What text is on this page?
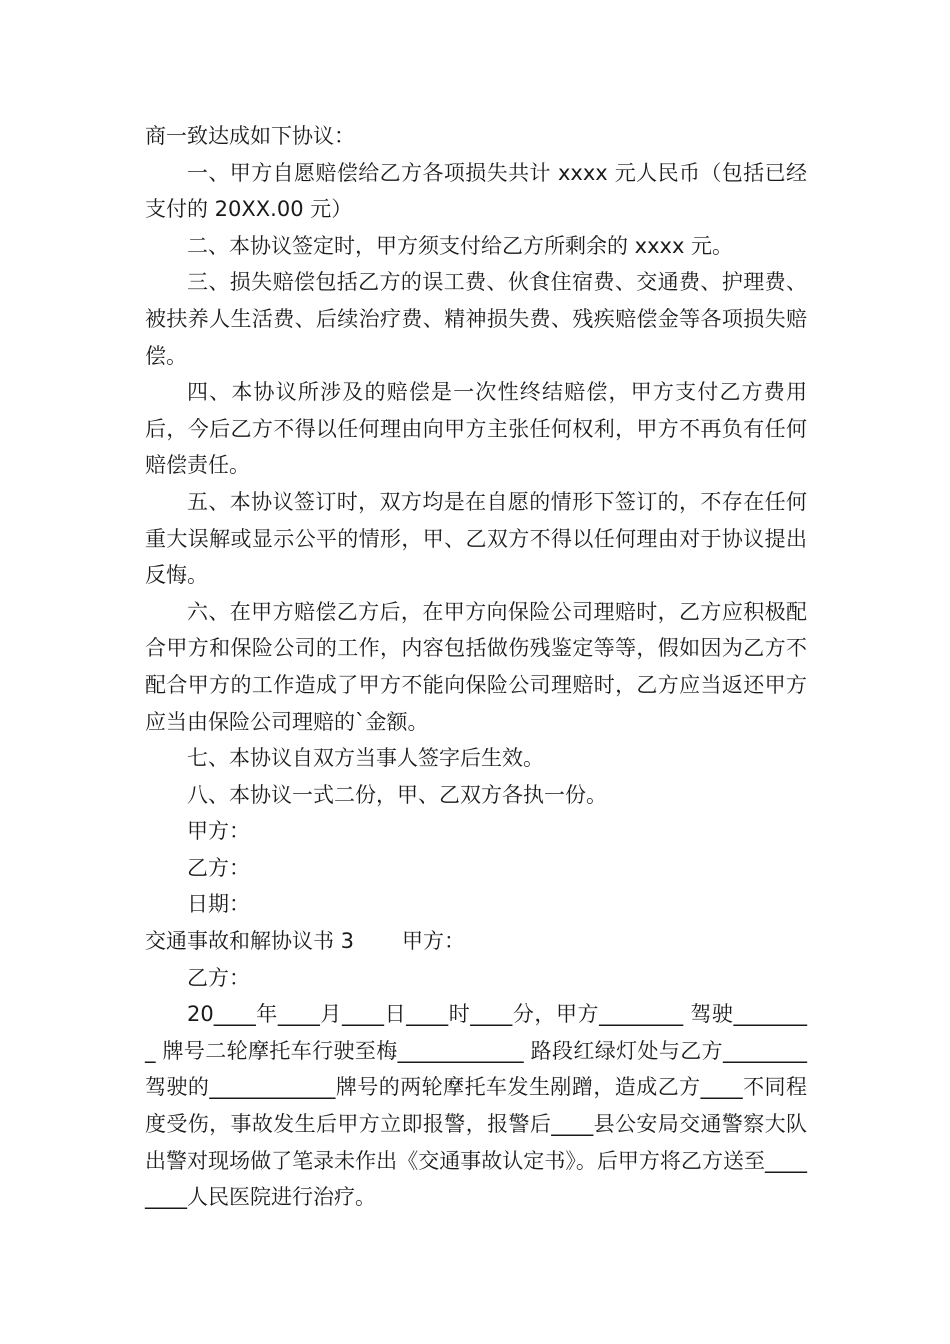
商一致达成如下协议：

一、甲方自愿赔偿给乙方各项损失共计 xxxx 元人民币（包括已经支付的 20XX.00 元）

二、本协议签定时，甲方须支付给乙方所剩余的 xxxx 元。

三、损失赔偿包括乙方的误工费、伙食住宿费、交通费、护理费、被扶养人生活费、后续治疗费、精神损失费、残疾赔偿金等各项损失赔偿。

四、本协议所涉及的赔偿是一次性终结赔偿，甲方支付乙方费用后，今后乙方不得以任何理由向甲方主张任何权利，甲方不再负有任何赔偿责任。

五、本协议签订时，双方均是在自愿的情形下签订的，不存在任何重大误解或显示公平的情形，甲、乙双方不得以任何理由对于协议提出反悔。

六、在甲方赔偿乙方后，在甲方向保险公司理赔时，乙方应积极配合甲方和保险公司的工作，内容包括做伤残鉴定等等，假如因为乙方不配合甲方的工作造成了甲方不能向保险公司理赔时，乙方应当返还甲方应当由保险公司理赔的`金额。

七、本协议自双方当事人签字后生效。

八、本协议一式二份，甲、乙双方各执一份。

甲方：

乙方：

日期：

交通事故和解协议书 3 甲方：

乙方：

20____年____月____日____时____分，甲方________ 驾驶________ 牌号二轮摩托车行驶至梅____________ 路段红绿灯处与乙方________驾驶的____________牌号的两轮摩托车发生剐蹭，造成乙方____不同程度受伤，事故发生后甲方立即报警，报警后____县公安局交通警察大队出警对现场做了笔录未作出《交通事故认定书》。后甲方将乙方送至________人民医院进行治疗。
